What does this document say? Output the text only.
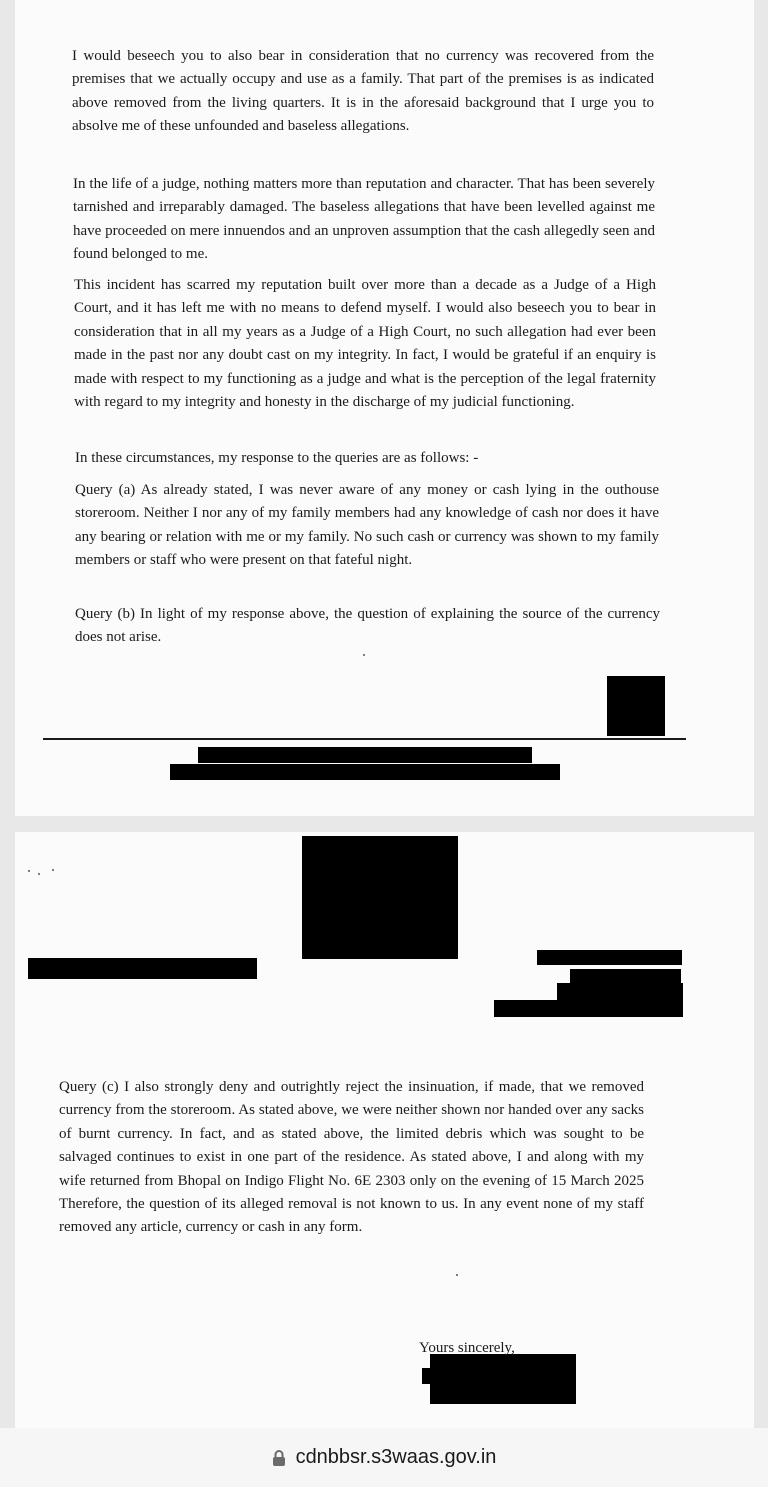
I would beseech you to also bear in consideration that no currency was recovered from the premises that we actually occupy and use as a family. That part of the premises is as indicated above removed from the living quarters. It is in the aforesaid background that I urge you to absolve me of these unfounded and baseless allegations.

In the life of a judge, nothing matters more than reputation and character. That has been severely tarnished and irreparably damaged. The baseless allegations that have been levelled against me have proceeded on mere innuendos and an unproven assumption that the cash allegedly seen and found belonged to me.

This incident has scarred my reputation built over more than a decade as a Judge of a High Court, and it has left me with no means to defend myself. I would also beseech you to bear in consideration that in all my years as a Judge of a High Court, no such allegation had ever been made in the past nor any doubt cast on my integrity. In fact, I would be grateful if an enquiry is made with respect to my functioning as a judge and what is the perception of the legal fraternity with regard to my integrity and honesty in the discharge of my judicial functioning.

In these circumstances, my response to the queries are as follows: -

Query (a) As already stated, I was never aware of any money or cash lying in the outhouse storeroom. Neither I nor any of my family members had any knowledge of cash nor does it have any bearing or relation with me or my family. No such cash or currency was shown to my family members or staff who were present on that fateful night.

Query (b) In light of my response above, the question of explaining the source of the currency does not arise.

Query (c) I also strongly deny and outrightly reject the insinuation, if made, that we removed currency from the storeroom. As stated above, we were neither shown nor handed over any sacks of burnt currency. In fact, and as stated above, the limited debris which was sought to be salvaged continues to exist in one part of the residence. As stated above, I and along with my wife returned from Bhopal on Indigo Flight No. 6E 2303 only on the evening of 15 March 2025 Therefore, the question of its alleged removal is not known to us. In any event none of my staff removed any article, currency or cash in any form.

Yours sincerely,
cdnbbsr.s3waas.gov.in
